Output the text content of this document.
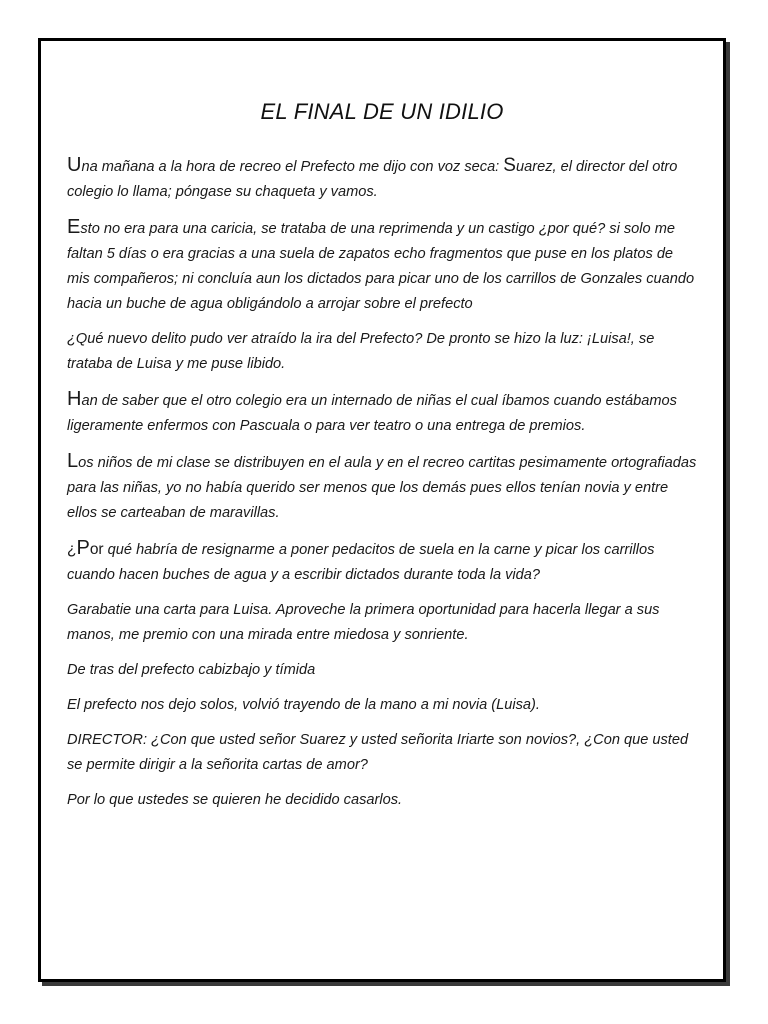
EL FINAL DE UN IDILIO

Una mañana a la hora de recreo el Prefecto me dijo con voz seca: Suarez, el director del otro colegio lo llama; póngase su chaqueta y vamos.

Esto no era para una caricia, se trataba de una reprimenda y un castigo ¿por qué? si solo me faltan 5 días o era gracias a una suela de zapatos echo fragmentos que puse en los platos de mis compañeros; ni concluía aun los dictados para picar uno de los carrillos de Gonzales cuando hacia un buche de agua obligándolo a arrojar sobre el prefecto

¿Qué nuevo delito pudo ver atraído la ira del Prefecto? De pronto se hizo la luz: ¡Luisa!, se trataba de Luisa y me puse libido.

Han de saber que el otro colegio era un internado de niñas el cual íbamos cuando estábamos ligeramente enfermos con Pascuala o para ver teatro o una entrega de premios.

Los niños de mi clase se distribuyen en el aula y en el recreo cartitas pesimamente ortografiadas para las niñas, yo no había querido ser menos que los demás pues ellos tenían novia y entre ellos se carteaban de maravillas.

¿Por qué habría de resignarme a poner pedacitos de suela en la carne y picar los carrillos cuando hacen buches de agua y a escribir dictados durante toda la vida?

Garabatie una carta para Luisa. Aproveche la primera oportunidad para hacerla llegar a sus manos, me premio con una mirada entre miedosa y sonriente.

De tras del prefecto cabizbajo y tímida

El prefecto nos dejo solos, volvió trayendo de la mano a mi novia (Luisa).

DIRECTOR: ¿Con que usted señor Suarez y usted señorita Iriarte son novios?, ¿Con que usted se permite dirigir a la señorita cartas de amor?

Por lo que ustedes se quieren he decidido casarlos.
